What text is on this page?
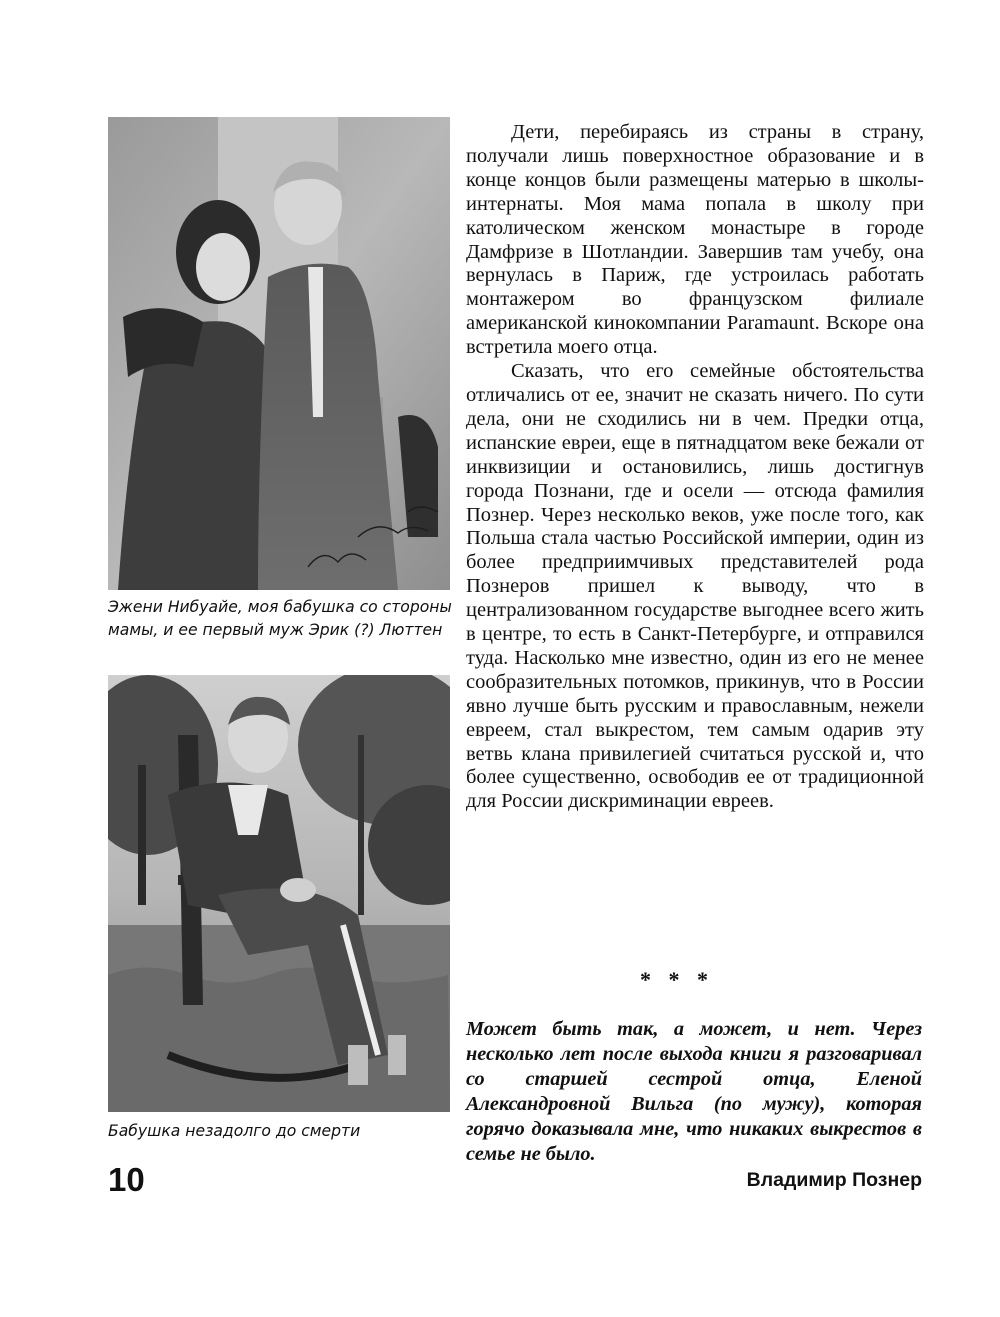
Эжени Нибуайе, моя бабушка со стороны мамы, и ее первый муж Эрик (?) Люттен
Бабушка незадолго до смерти

Дети, перебираясь из страны в страну, получали лишь поверхностное образование и в конце концов были размещены матерью в школы-интернаты. Моя мама попала в школу при католическом женском монастыре в городе Дамфризе в Шотландии. Завершив там учебу, она вернулась в Париж, где устроилась работать монтажером во французском филиале американской кинокомпании Paramaunt. Вскоре она встретила моего отца.

Сказать, что его семейные обстоятельства отличались от ее, значит не сказать ничего. По сути дела, они не сходились ни в чем. Предки отца, испанские евреи, еще в пятнадцатом веке бежали от инквизиции и остановились, лишь достигнув города Познани, где и осели — отсюда фамилия Познер. Через несколько веков, уже после того, как Польша стала частью Российской империи, один из более предприимчивых представителей рода Познеров пришел к выводу, что в централизованном государстве выгоднее всего жить в центре, то есть в Санкт-Петербурге, и отправился туда. Насколько мне известно, один из его не менее сообразительных потомков, прикинув, что в России явно лучше быть русским и православным, нежели евреем, стал выкрестом, тем самым одарив эту ветвь клана привилегией считаться русской и, что более существенно, освободив ее от традиционной для России дискриминации евреев.

* * *

Может быть так, а может, и нет. Через несколько лет после выхода книги я разговаривал со старшей сестрой отца, Еленой Александровной Вильга (по мужу), которая горячо доказывала мне, что никаких выкрестов в семье не было.

10	Владимир Познер
